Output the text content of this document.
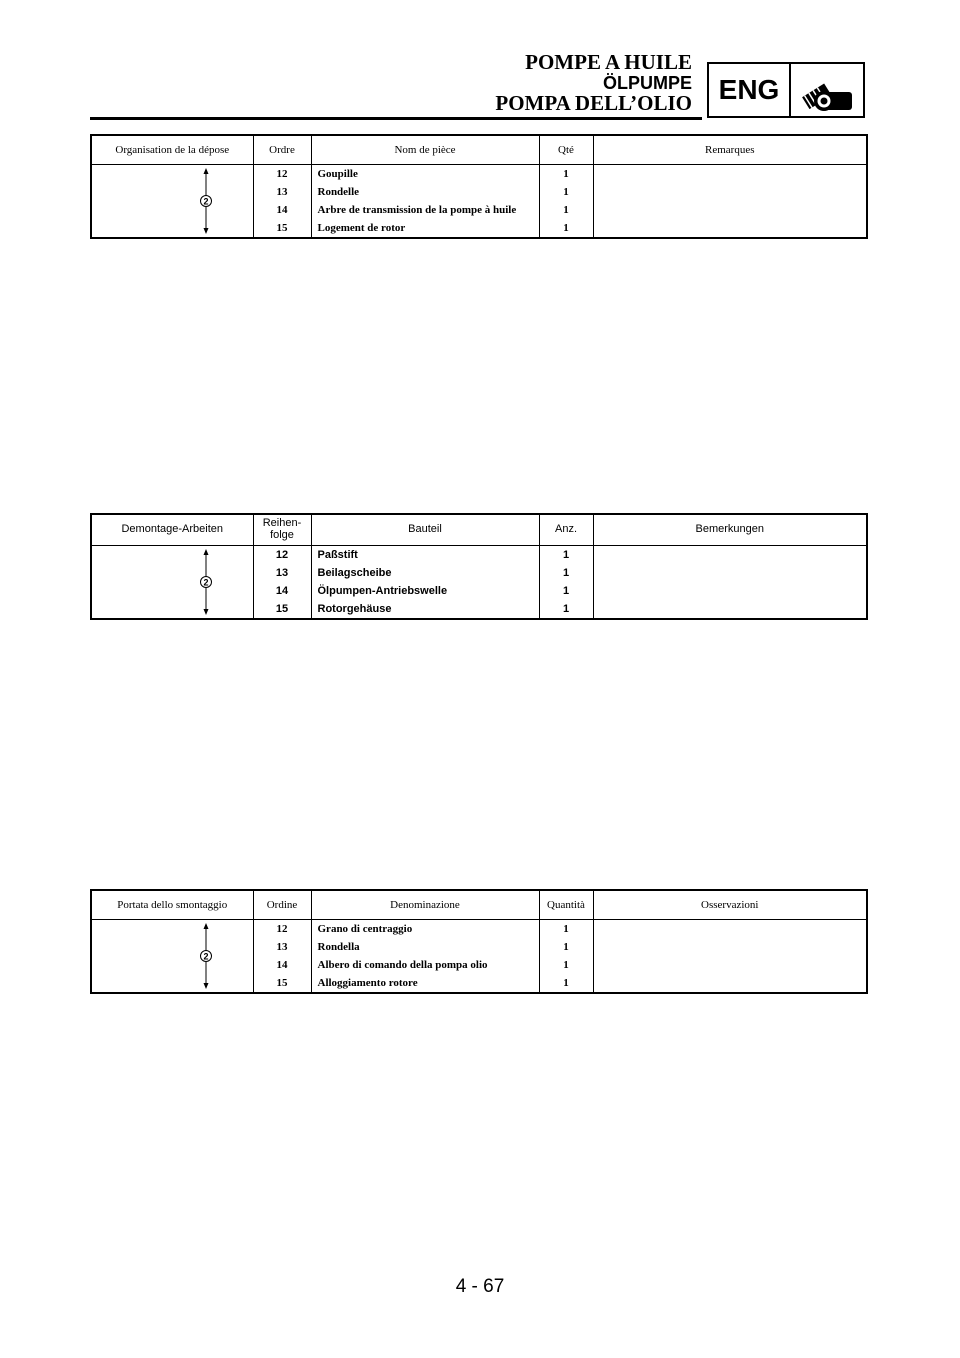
POMPE A HUILE
ÖLPUMPE
POMPA DELL’OLIO ENG
Organisation de la dépose	Ordre	Nom de pièce	Qté	Remarques

2	12	Goupille	1	
	13	Rondelle	1	
	14	Arbre de transmission de la pompe à huile	1	
	15	Logement de rotor	1	
Demontage-Arbeiten	Reihen-
folge	Bauteil	Anz.	Bemerkungen

2	12	Paßstift	1	
	13	Beilagscheibe	1	
	14	Ölpumpen-Antriebswelle	1	
	15	Rotorgehäuse	1	
Portata dello smontaggio	Ordine	Denominazione	Quantità	Osservazioni

2	12	Grano di centraggio	1	
	13	Rondella	1	
	14	Albero di comando della pompa olio	1	
	15	Alloggiamento rotore	1	
4 - 67
